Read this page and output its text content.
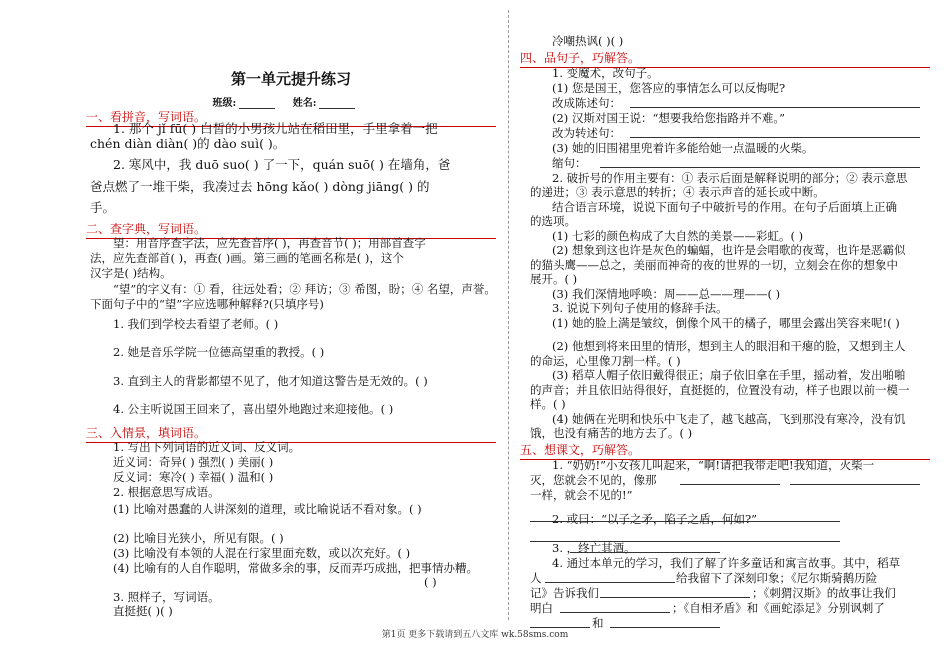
第一单元提升练习
班级:	姓名:
一、看拼音，写词语。
1. 那个 jǐ fū( ) 白皙的小男孩儿站在稻田里，手里拿着一把
chén diàn diàn( )的 dào suì( )。
2. 寒风中，我 duō suo( ) 了一下，quán suō( ) 在墙角，爸
爸点燃了一堆干柴，我凑过去 hōng kǎo( ) dòng jiāng( ) 的
手。
二、查字典，写词语。
望：用音序查字法，应先查音序( )，再查音节( )；用部首查字
法，应先查部首( )，再查( )画。第三画的笔画名称是( )，这个
汉字是( )结构。
“望”的字义有：① 看，往远处看；② 拜访；③ 希图，盼；④ 名望，声誉。
下面句子中的“望”字应选哪种解释?(只填序号)
1. 我们到学校去看望了老师。( )
2. 她是音乐学院一位德高望重的教授。( )
3. 直到主人的背影都望不见了，他才知道这警告是无效的。( )
4. 公主听说国王回来了，喜出望外地跑过来迎接他。( )
三、入情景，填词语。
1. 写出下列词语的近义词、反义词。
近义词：奇异( ) 强烈( ) 美丽( )
反义词：寒冷( ) 幸福( ) 温和( )
2. 根据意思写成语。
(1) 比喻对愚蠢的人讲深刻的道理，或比喻说话不看对象。( )
(2) 比喻目光狭小，所见有限。( )
(3) 比喻没有本领的人混在行家里面充数，或以次充好。( )
(4) 比喻有的人自作聪明，常做多余的事，反而弄巧成拙，把事情办糟。
( )
3. 照样子，写词语。
直挺挺( )( )
冷嘲热讽( )( )
四、品句子，巧解答。
1. 变魔术，改句子。
(1) 您是国王，您答应的事情怎么可以反悔呢?
改成陈述句：
(2) 汉斯对国王说：“想要我给您指路并不难。”
改为转述句：
(3) 她的旧围裙里兜着许多能给她一点温暖的火柴。
缩句：
2. 破折号的作用主要有：① 表示后面是解释说明的部分；② 表示意思
的递进；③ 表示意思的转折；④ 表示声音的延长或中断。
结合语言环境，说说下面句子中破折号的作用。在句子后面填上正确
的选项。
(1) 七彩的颜色构成了大自然的美景——彩虹。( )
(2) 想象到这也许是灰色的蝙蝠，也许是会唱歌的夜莺，也许是恶霸似
的猫头鹰——总之，美丽而神奇的夜的世界的一切，立刻会在你的想象中
展开。( )
(3) 我们深情地呼唤：周——总——理——( )
3. 说说下列句子使用的修辞手法。
(1) 她的脸上满是皱纹，倒像个风干的橘子，哪里会露出笑容来呢!( )
(2) 他想到将来田里的情形，想到主人的眼泪和干瘪的脸，又想到主人
的命运，心里像刀割一样。( )
(3) 稻草人帽子依旧戴得很正；扇子依旧拿在手里，摇动着，发出啪啪
的声音；并且依旧站得很好，直挺挺的，位置没有动，样子也跟以前一模一
样。( )
(4) 她俩在光明和快乐中飞走了，越飞越高，飞到那没有寒冷，没有饥
饿，也没有痛苦的地方去了。( )
五、想课文，巧解答。
1. “奶奶!”小女孩儿叫起来，“啊!请把我带走吧!我知道，火柴一
灭，您就会不见的，像那
一样，就会不见的!”
2. 或曰：“以子之矛，陷子之盾，何如?”
3. ，终亡其酒。
4. 通过本单元的学习，我们了解了许多童话和寓言故事。其中，稻草
人	给我留下了深刻印象；《尼尔斯骑鹅历险
记》告诉我们	；《刺猬汉斯》的故事让我们
明白	；《自相矛盾》和《画蛇添足》分别讽刺了
和
第1页 更多下载请到五八文库 wk.58sms.com
